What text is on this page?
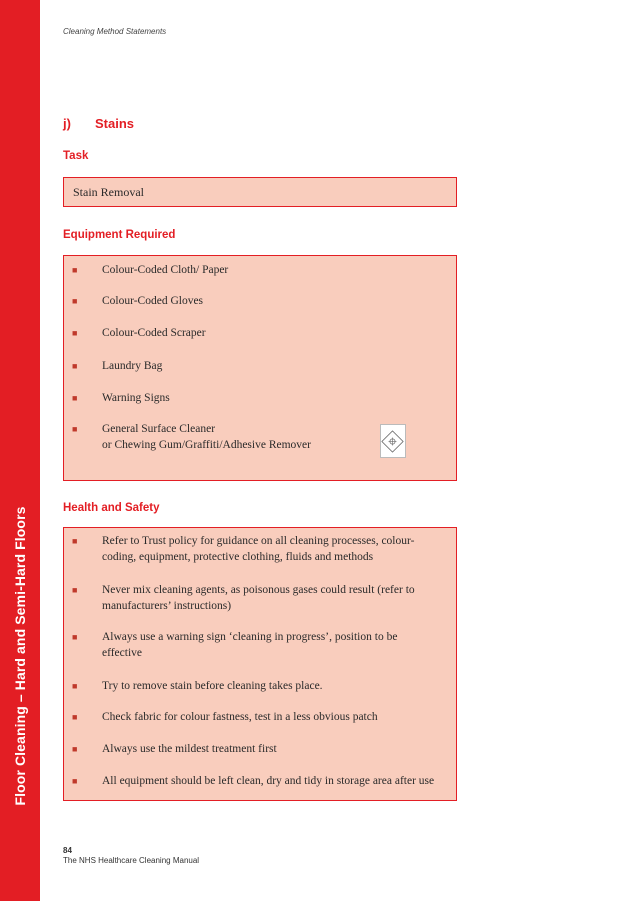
Floor Cleaning – Hard and Semi-Hard Floors
Cleaning Method Statements
j) Stains
Task
Stain Removal
Equipment Required
■ Colour-Coded Cloth/ Paper
■ Colour-Coded Gloves
■ Colour-Coded Scraper
■ Laundry Bag
■ Warning Signs
■ General Surface Cleaner
or Chewing Gum/Graffiti/Adhesive Remover
Health and Safety
■ Refer to Trust policy for guidance on all cleaning processes, colour-
coding, equipment, protective clothing, fluids and methods
■ Never mix cleaning agents, as poisonous gases could result (refer to
manufacturers’ instructions)
■ Always use a warning sign ‘cleaning in progress’, position to be
effective
■ Try to remove stain before cleaning takes place.
■ Check fabric for colour fastness, test in a less obvious patch
■ Always use the mildest treatment first
■ All equipment should be left clean, dry and tidy in storage area after use
84
The NHS Healthcare Cleaning Manual
